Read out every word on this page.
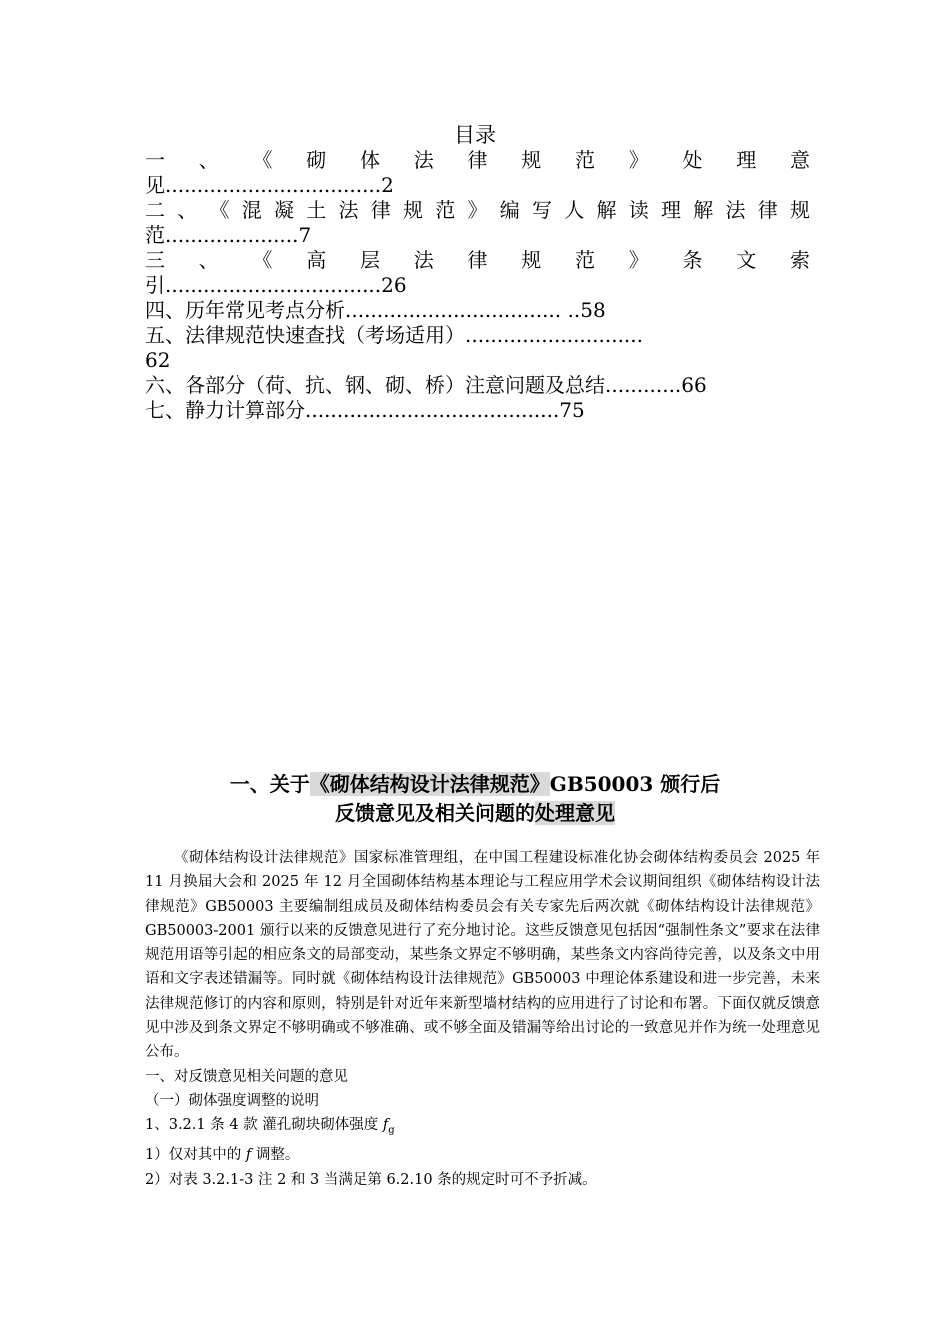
目录
一 、 《 砌 体 法 律 规 范 》 处 理 意
见..................................2
二 、 《 混 凝 土 法 律 规 范 》 编 写 人 解 读 理 解 法 律 规
范.....................7
三 、 《 高 层 法 律 规 范 》 条 文 索
引..................................26
四、历年常见考点分析.................................. ..58
五、法律规范快速查找（考场适用）............................
62
六、各部分（荷、抗、钢、砌、桥）注意问题及总结............66
七、静力计算部分........................................75
一、关于《砌体结构设计法律规范》GB50003 颁行后
反馈意见及相关问题的处理意见

《砌体结构设计法律规范》国家标准管理组，在中国工程建设标准化协会砌体结构委员会 2025 年 11 月换届大会和 2025 年 12 月全国砌体结构基本理论与工程应用学术会议期间组织《砌体结构设计法律规范》GB50003 主要编制组成员及砌体结构委员会有关专家先后两次就《砌体结构设计法律规范》GB50003-2001 颁行以来的反馈意见进行了充分地讨论。这些反馈意见包括因“强制性条文”要求在法律规范用语等引起的相应条文的局部变动，某些条文界定不够明确，某些条文内容尚待完善，以及条文中用语和文字表述错漏等。同时就《砌体结构设计法律规范》GB50003 中理论体系建设和进一步完善，未来法律规范修订的内容和原则，特别是针对近年来新型墙材结构的应用进行了讨论和布署。下面仅就反馈意见中涉及到条文界定不够明确或不够准确、或不够全面及错漏等给出讨论的一致意见并作为统一处理意见公布。

一、对反馈意见相关问题的意见

（一）砌体强度调整的说明

1、3.2.1 条 4 款 灌孔砌块砌体强度 $f_g$

1）仅对其中的 f 调整。

2）对表 3.2.1-3 注 2 和 3 当满足第 6.2.10 条的规定时可不予折减。
